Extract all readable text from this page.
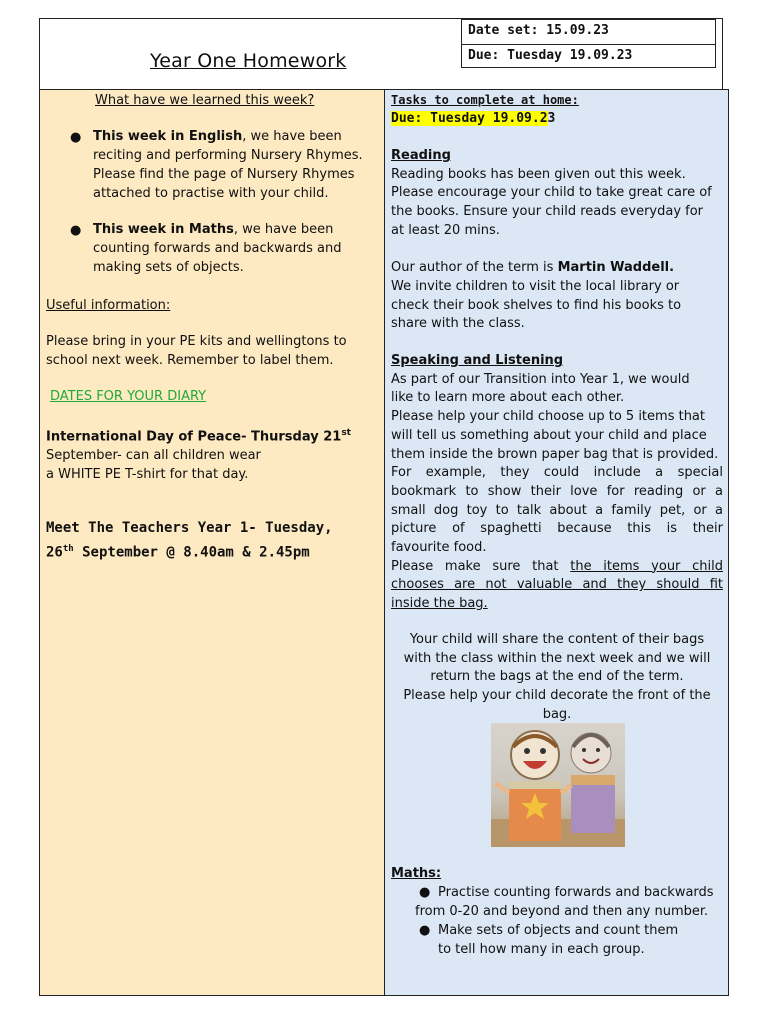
Year One Homework
Date set: 15.09.23
Due: Tuesday 19.09.23
What have we learned this week?
● This week in English, we have been
reciting and performing Nursery Rhymes.
Please find the page of Nursery Rhymes
attached to practise with your child.
● This week in Maths, we have been
counting forwards and backwards and
making sets of objects.
Useful information:
Please bring in your PE kits and wellingtons to
school next week. Remember to label them.
DATES FOR YOUR DIARY
International Day of Peace- Thursday 21st
September- can all children wear
a WHITE PE T-shirt for that day.
Meet The Teachers Year 1- Tuesday,
26th September @ 8.40am & 2.45pm
Tasks to complete at home:
Due: Tuesday 19.09.23
Reading
Reading books has been given out this week.
Please encourage your child to take great care of
the books. Ensure your child reads everyday for
at least 20 mins.
Our author of the term is Martin Waddell.
We invite children to visit the local library or
check their book shelves to find his books to
share with the class.
Speaking and Listening
As part of our Transition into Year 1, we would
like to learn more about each other.
Please help your child choose up to 5 items that
will tell us something about your child and place
them inside the brown paper bag that is provided.
For example, they could include a special
bookmark to show their love for reading or a
small dog toy to talk about a family pet, or a
picture of spaghetti because this is their
favourite food.
Please make sure that the items your child
chooses are not valuable and they should fit
inside the bag.
Your child will share the content of their bags
with the class within the next week and we will
return the bags at the end of the term.
Please help your child decorate the front of the
bag.
Maths:
● Practise counting forwards and backwards
from 0-20 and beyond and then any number.
● Make sets of objects and count them
to tell how many in each group.
